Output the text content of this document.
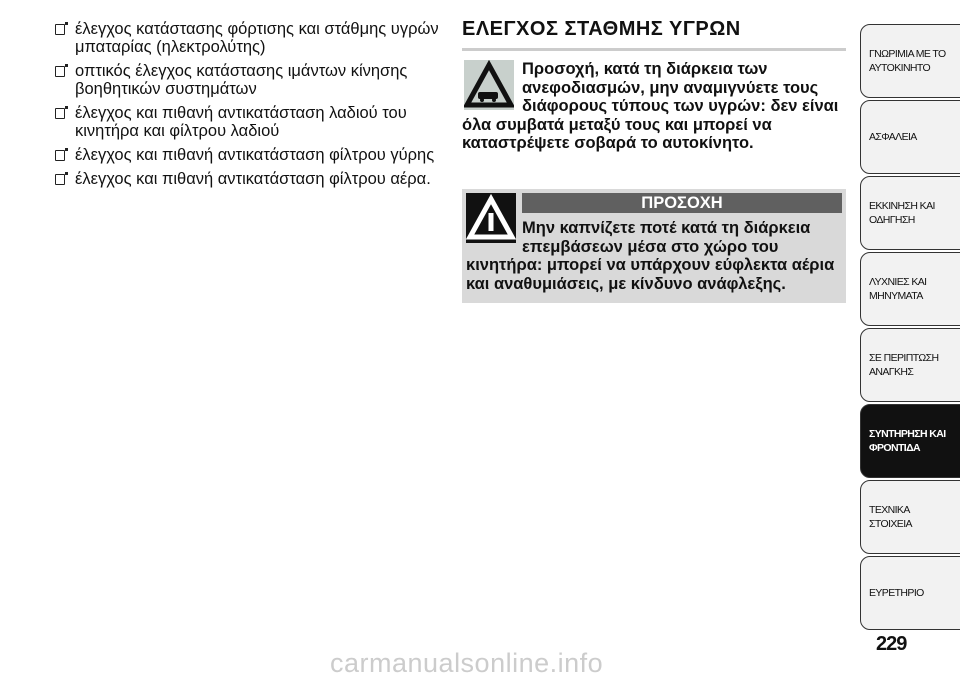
έλεγχος κατάστασης φόρτισης και στάθμης υγρών μπαταρίας (ηλεκτρολύτης)
οπτικός έλεγχος κατάστασης ιμάντων κίνησης βοηθητικών συστημάτων
έλεγχος και πιθανή αντικατάσταση λαδιού του κινητήρα και φίλτρου λαδιού
έλεγχος και πιθανή αντικατάσταση φίλτρου γύρης
έλεγχος και πιθανή αντικατάσταση φίλτρου αέρα.
ΕΛΕΓΧΟΣ ΣΤΑΘΜΗΣ ΥΓΡΩΝ
Προσοχή, κατά τη διάρκεια των ανεφοδιασμών, μην αναμιγνύετε τους διάφορους τύπους των υγρών: δεν είναι όλα συμβατά μεταξύ τους και μπορεί να καταστρέψετε σοβαρά το αυτοκίνητο.
ΠΡΟΣΟΧΗ
Μην καπνίζετε ποτέ κατά τη διάρκεια επεμβάσεων μέσα στο χώρο του κινητήρα: μπορεί να υπάρχουν εύφλεκτα αέρια και αναθυμιάσεις, με κίνδυνο ανάφλεξης.
ΓΝΩΡΙΜΙΑ ΜΕ ΤΟ ΑΥΤΟΚΙΝΗΤΟ
ΑΣΦΑΛΕΙΑ
ΕΚΚΙΝΗΣΗ ΚΑΙ ΟΔΗΓΗΣΗ
ΛΥΧΝΙΕΣ ΚΑΙ ΜΗΝΥΜΑΤΑ
ΣΕ ΠΕΡΙΠΤΩΣΗ ΑΝΑΓΚΗΣ
ΣΥΝΤΗΡΗΣΗ ΚΑΙ ΦΡΟΝΤΙΔΑ
ΤΕΧΝΙΚΑ ΣΤΟΙΧΕΙΑ
ΕΥΡΕΤΗΡΙΟ
229
carmanualsonline.info
